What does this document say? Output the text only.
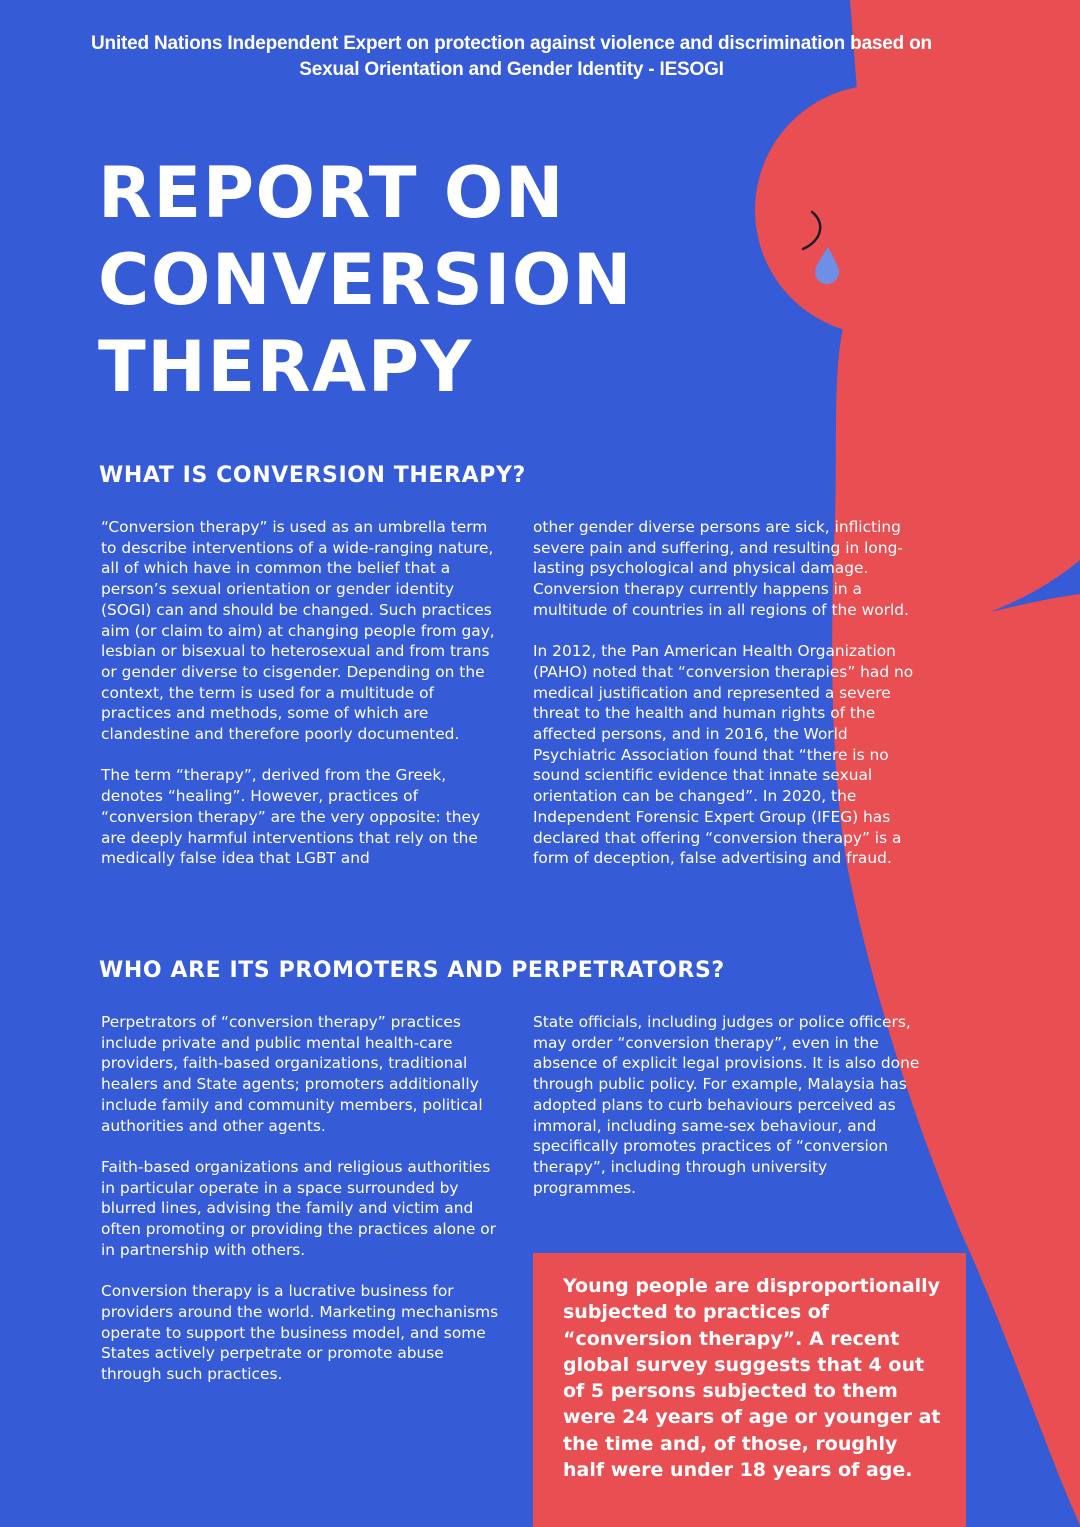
United Nations Independent Expert on protection against violence and discrimination based on Sexual Orientation and Gender Identity - IESOGI
REPORT ON
CONVERSION
THERAPY
WHAT IS CONVERSION THERAPY?

“Conversion therapy” is used as an umbrella term to describe interventions of a wide-ranging nature, all of which have in common the belief that a person’s sexual orientation or gender identity (SOGI) can and should be changed. Such practices aim (or claim to aim) at changing people from gay, lesbian or bisexual to heterosexual and from trans or gender diverse to cisgender. Depending on the context, the term is used for a multitude of practices and methods, some of which are clandestine and therefore poorly documented.

The term “therapy”, derived from the Greek, denotes “healing”. However, practices of “conversion therapy” are the very opposite: they are deeply harmful interventions that rely on the medically false idea that LGBT and

other gender diverse persons are sick, inflicting severe pain and suffering, and resulting in long-lasting psychological and physical damage. Conversion therapy currently happens in a multitude of countries in all regions of the world.

In 2012, the Pan American Health Organization (PAHO) noted that “conversion therapies” had no medical justification and represented a severe threat to the health and human rights of the affected persons, and in 2016, the World Psychiatric Association found that “there is no sound scientific evidence that innate sexual orientation can be changed”. In 2020, the Independent Forensic Expert Group (IFEG) has declared that offering “conversion therapy” is a form of deception, false advertising and fraud.

WHO ARE ITS PROMOTERS AND PERPETRATORS?

Perpetrators of “conversion therapy” practices include private and public mental health-care providers, faith-based organizations, traditional healers and State agents; promoters additionally include family and community members, political authorities and other agents.

Faith-based organizations and religious authorities in particular operate in a space surrounded by blurred lines, advising the family and victim and often promoting or providing the practices alone or in partnership with others.

Conversion therapy is a lucrative business for providers around the world. Marketing mechanisms operate to support the business model, and some States actively perpetrate or promote abuse through such practices.

State officials, including judges or police officers, may order “conversion therapy”, even in the absence of explicit legal provisions. It is also done through public policy. For example, Malaysia has adopted plans to curb behaviours perceived as immoral, including same-sex behaviour, and specifically promotes practices of “conversion therapy”, including through university programmes.

Young people are disproportionally subjected to practices of “conversion therapy”. A recent global survey suggests that 4 out of 5 persons subjected to them were 24 years of age or younger at the time and, of those, roughly half were under 18 years of age.
